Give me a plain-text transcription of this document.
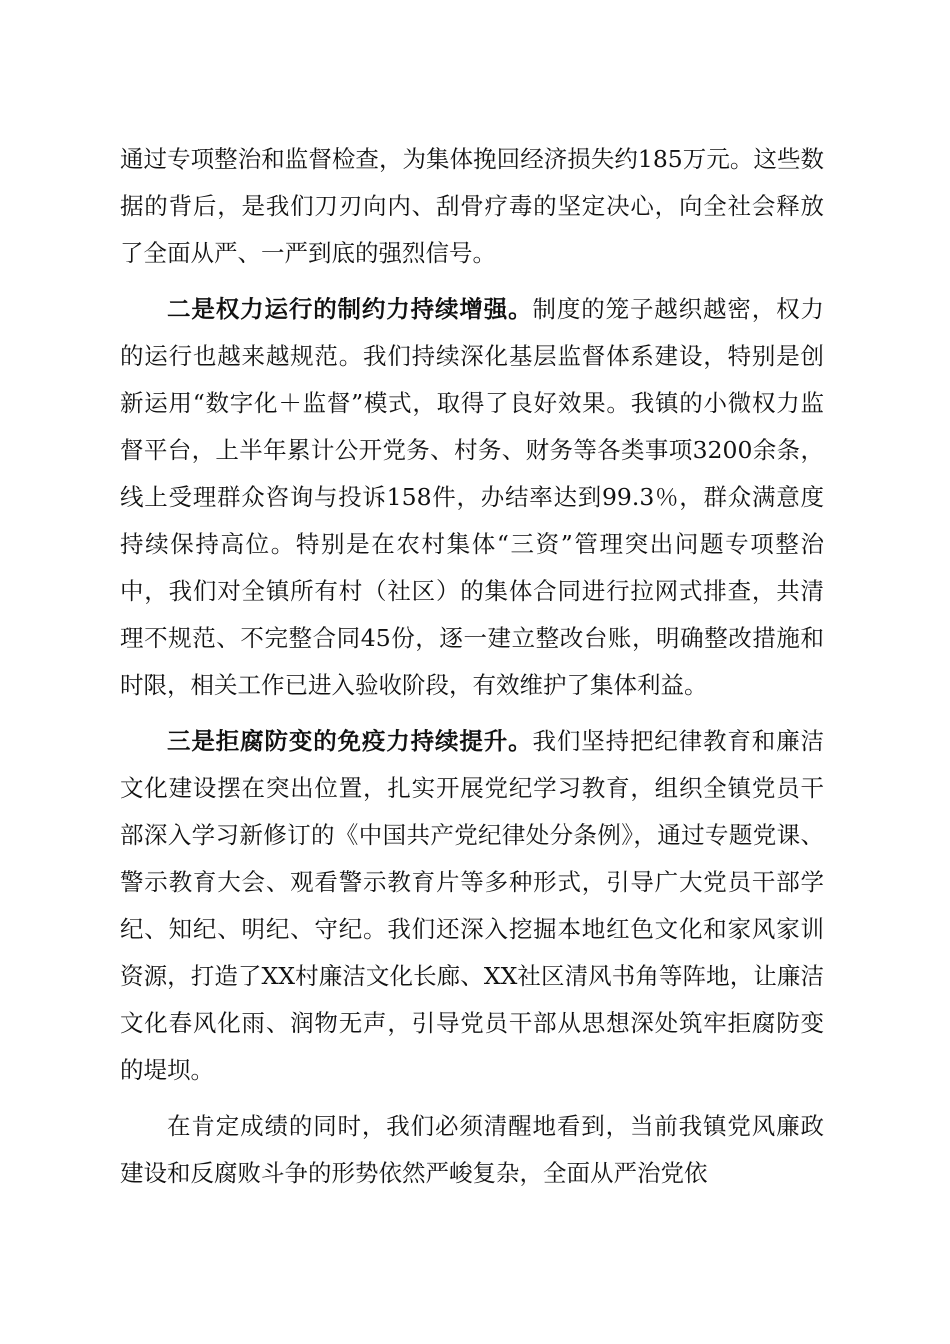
通过专项整治和监督检查，为集体挽回经济损失约185万元。这些数据的背后，是我们刀刃向内、刮骨疗毒的坚定决心，向全社会释放了全面从严、一严到底的强烈信号。

二是权力运行的制约力持续增强。制度的笼子越织越密，权力的运行也越来越规范。我们持续深化基层监督体系建设，特别是创新运用“数字化＋监督”模式，取得了良好效果。我镇的小微权力监督平台，上半年累计公开党务、村务、财务等各类事项3200余条，线上受理群众咨询与投诉158件，办结率达到99.3％，群众满意度持续保持高位。特别是在农村集体“三资”管理突出问题专项整治中，我们对全镇所有村（社区）的集体合同进行拉网式排查，共清理不规范、不完整合同45份，逐一建立整改台账，明确整改措施和时限，相关工作已进入验收阶段，有效维护了集体利益。

三是拒腐防变的免疫力持续提升。我们坚持把纪律教育和廉洁文化建设摆在突出位置，扎实开展党纪学习教育，组织全镇党员干部深入学习新修订的《中国共产党纪律处分条例》，通过专题党课、警示教育大会、观看警示教育片等多种形式，引导广大党员干部学纪、知纪、明纪、守纪。我们还深入挖掘本地红色文化和家风家训资源，打造了XX村廉洁文化长廊、XX社区清风书角等阵地，让廉洁文化春风化雨、润物无声，引导党员干部从思想深处筑牢拒腐防变的堤坝。

在肯定成绩的同时，我们必须清醒地看到，当前我镇党风廉政建设和反腐败斗争的形势依然严峻复杂，全面从严治党依
